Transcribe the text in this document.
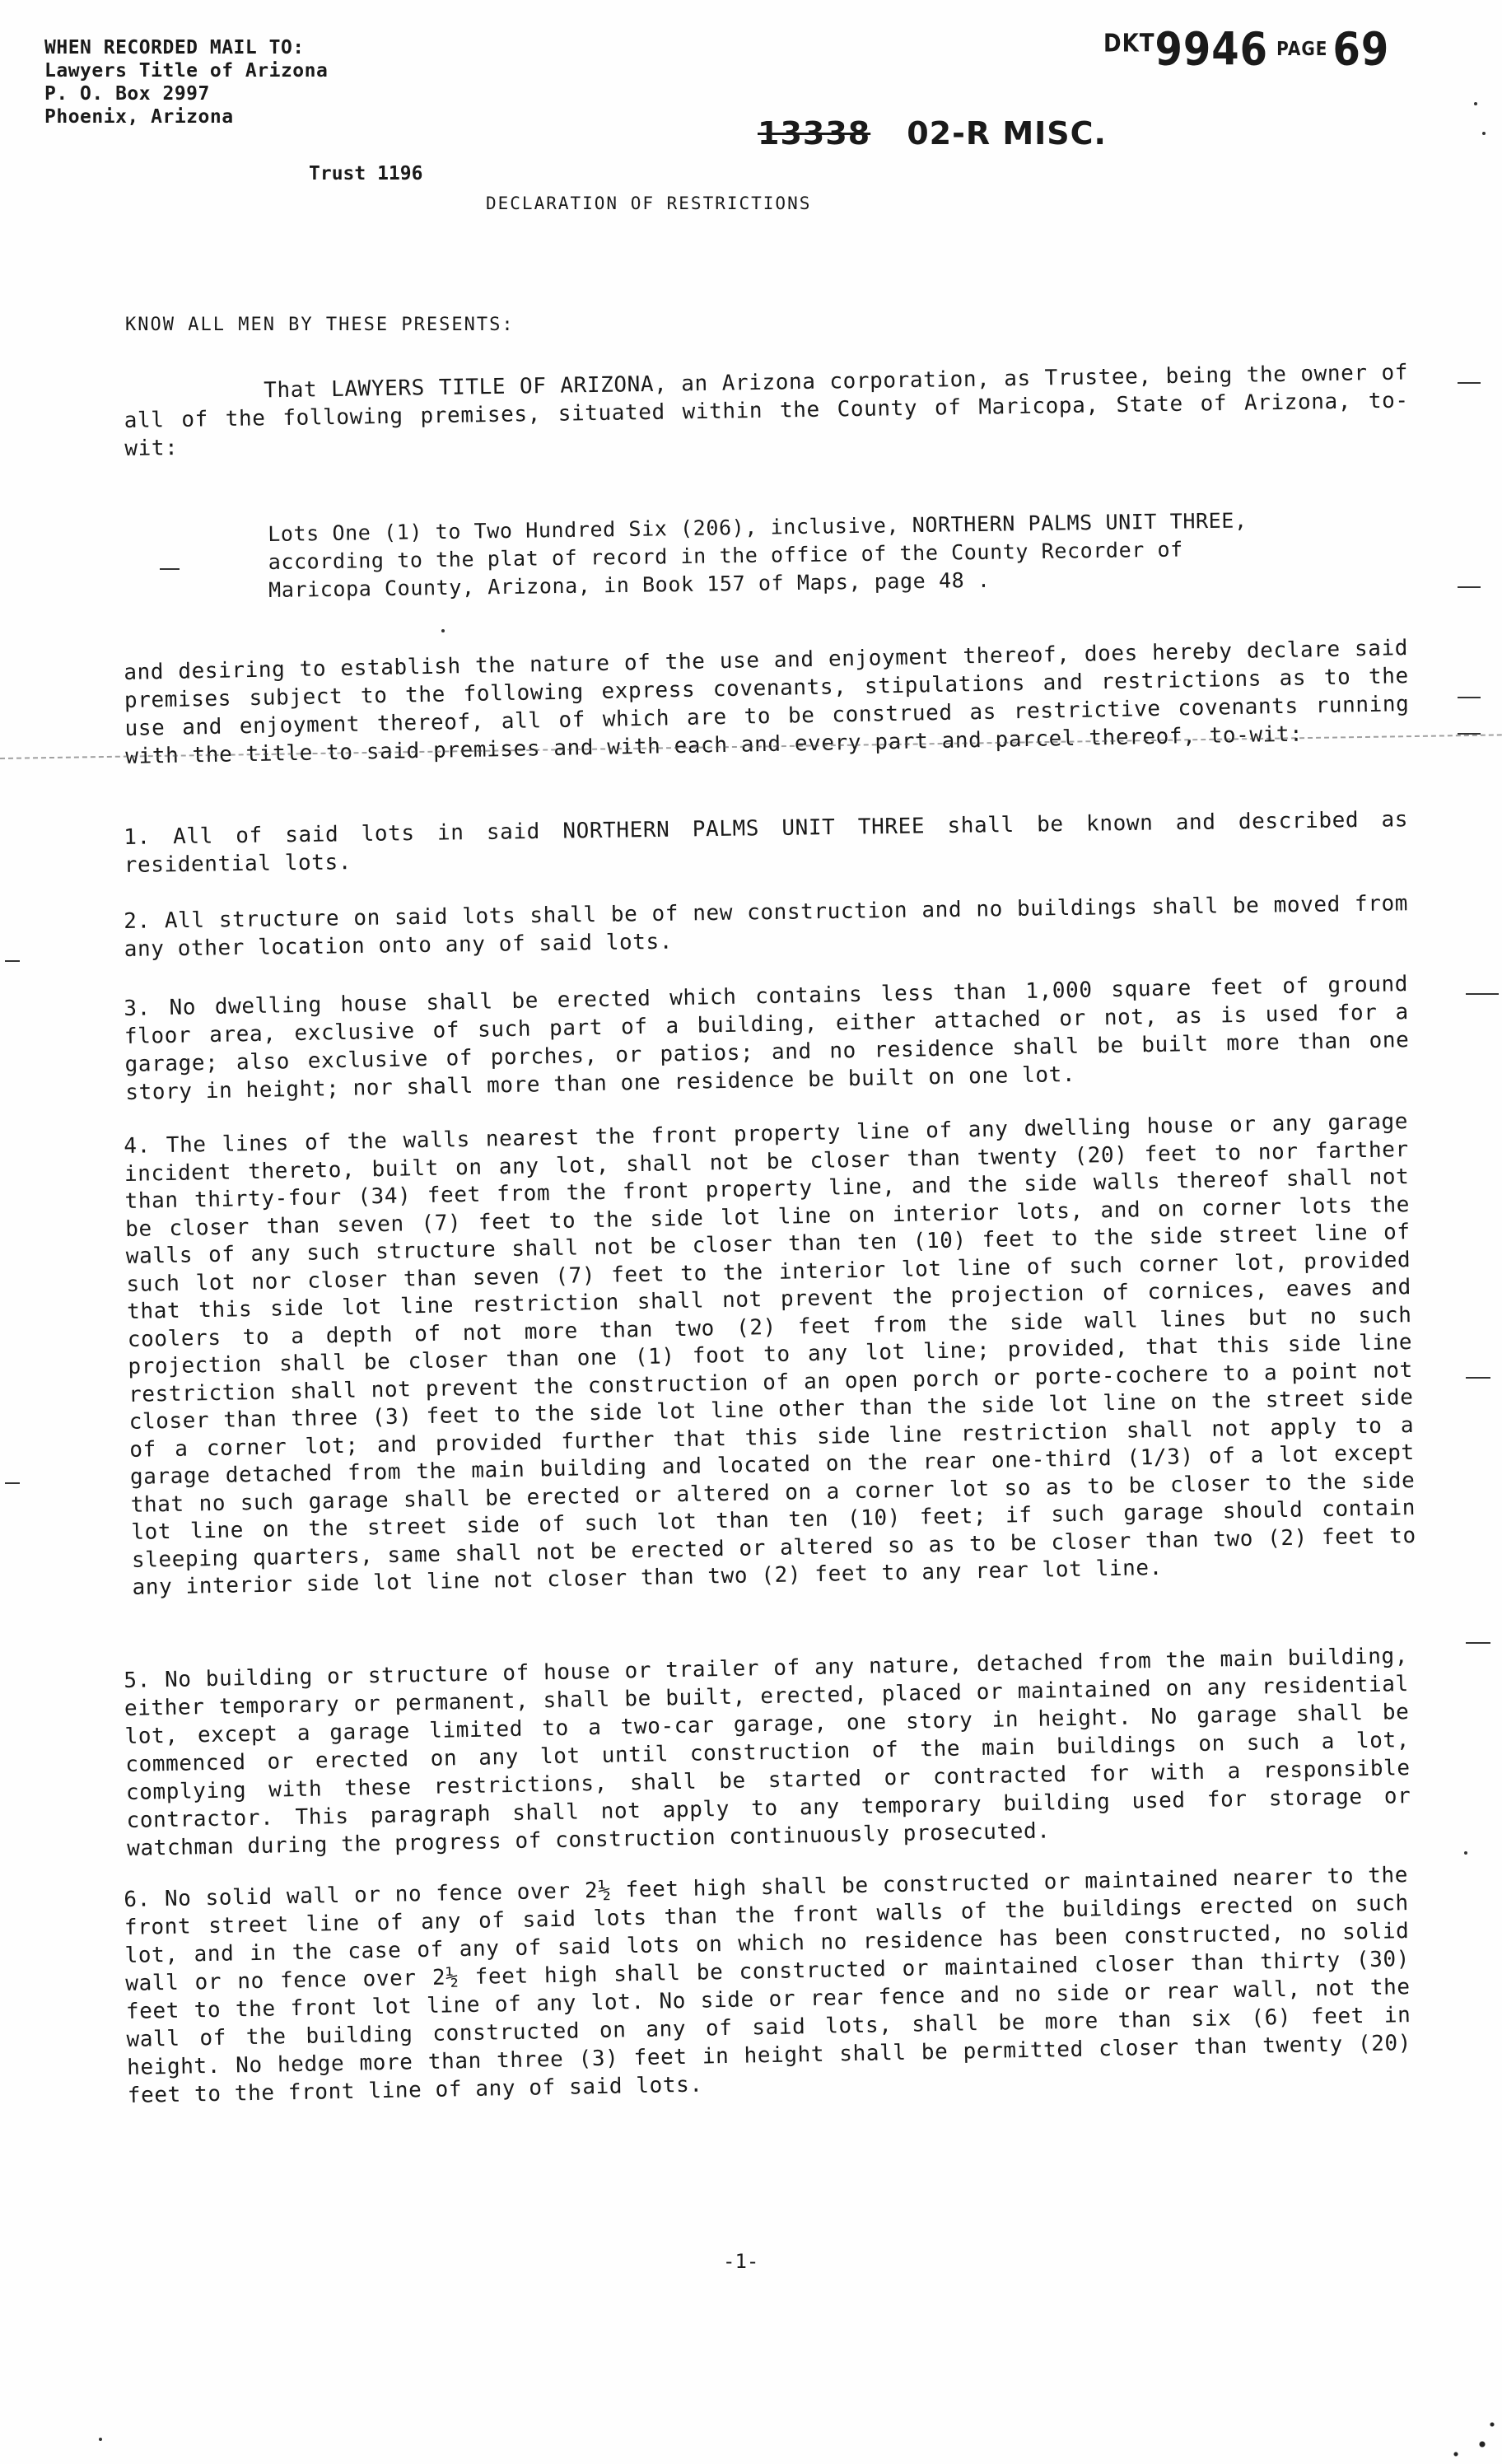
WHEN RECORDED MAIL TO:
Lawyers Title of Arizona
P. O. Box 2997
Phoenix, Arizona
$^{DKT}$9946 $^{PAGE}$ 69
13338 02-R MISC.
Trust 1196
DECLARATION OF RESTRICTIONS
KNOW ALL MEN BY THESE PRESENTS:
That LAWYERS TITLE OF ARIZONA, an Arizona corporation, as Trustee, being the owner of all of the following premises, situated within the County of Maricopa, State of Arizona, to-wit:
Lots One (1) to Two Hundred Six (206), inclusive, NORTHERN PALMS UNIT THREE, according to the plat of record in the office of the County Recorder of Maricopa County, Arizona, in Book 157 of Maps, page 48 .
and desiring to establish the nature of the use and enjoyment thereof, does hereby declare said premises subject to the following express covenants, stipulations and restrictions as to the use and enjoyment thereof, all of which are to be construed as restrictive covenants running with the title to said premises and with each and every part and parcel thereof, to-wit:
1. All of said lots in said NORTHERN PALMS UNIT THREE shall be known and described as residential lots.
2. All structure on said lots shall be of new construction and no buildings shall be moved from any other location onto any of said lots.
3. No dwelling house shall be erected which contains less than 1,000 square feet of ground floor area, exclusive of such part of a building, either attached or not, as is used for a garage; also exclusive of porches, or patios; and no residence shall be built more than one story in height; nor shall more than one residence be built on one lot.
4. The lines of the walls nearest the front property line of any dwelling house or any garage incident thereto, built on any lot, shall not be closer than twenty (20) feet to nor farther than thirty-four (34) feet from the front property line, and the side walls thereof shall not be closer than seven (7) feet to the side lot line on interior lots, and on corner lots the walls of any such structure shall not be closer than ten (10) feet to the side street line of such lot nor closer than seven (7) feet to the interior lot line of such corner lot, provided that this side lot line restriction shall not prevent the projection of cornices, eaves and coolers to a depth of not more than two (2) feet from the side wall lines but no such projection shall be closer than one (1) foot to any lot line; provided, that this side line restriction shall not prevent the construction of an open porch or porte-cochere to a point not closer than three (3) feet to the side lot line other than the side lot line on the street side of a corner lot; and provided further that this side line restriction shall not apply to a garage detached from the main building and located on the rear one-third (1/3) of a lot except that no such garage shall be erected or altered on a corner lot so as to be closer to the side lot line on the street side of such lot than ten (10) feet; if such garage should contain sleeping quarters, same shall not be erected or altered so as to be closer than two (2) feet to any interior side lot line not closer than two (2) feet to any rear lot line.
5. No building or structure of house or trailer of any nature, detached from the main building, either temporary or permanent, shall be built, erected, placed or maintained on any residential lot, except a garage limited to a two-car garage, one story in height. No garage shall be commenced or erected on any lot until construction of the main buildings on such a lot, complying with these restrictions, shall be started or contracted for with a responsible contractor. This paragraph shall not apply to any temporary building used for storage or watchman during the progress of construction continuously prosecuted.
6. No solid wall or no fence over 2½ feet high shall be constructed or maintained nearer to the front street line of any of said lots than the front walls of the buildings erected on such lot, and in the case of any of said lots on which no residence has been constructed, no solid wall or no fence over 2½ feet high shall be constructed or maintained closer than thirty (30) feet to the front lot line of any lot. No side or rear fence and no side or rear wall, not the wall of the building constructed on any of said lots, shall be more than six (6) feet in height. No hedge more than three (3) feet in height shall be permitted closer than twenty (20) feet to the front line of any of said lots.
-1-
